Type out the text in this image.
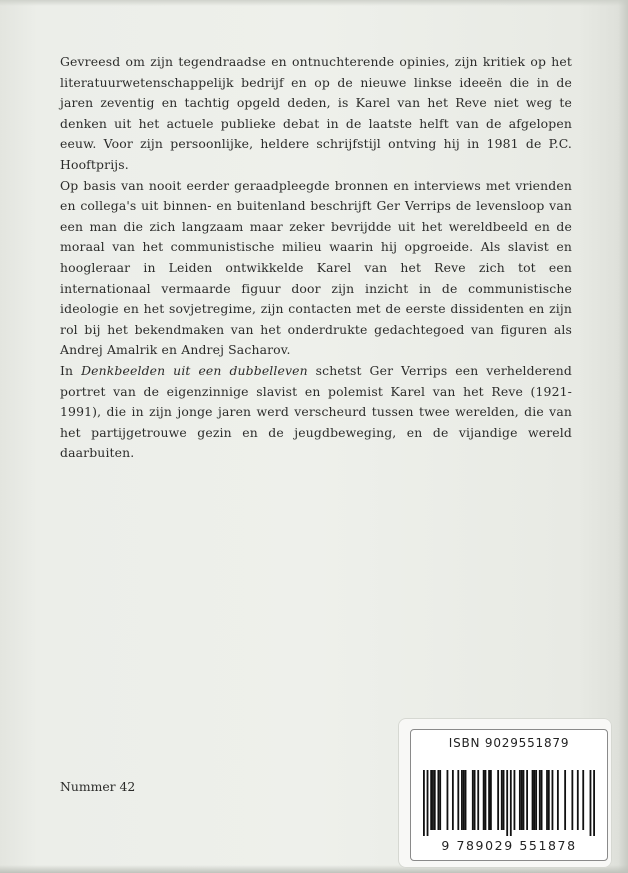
Gevreesd om zijn tegendraadse en ontnuchterende opinies, zijn kritiek op het literatuurwetenschappelijk bedrijf en op de nieuwe linkse ideeën die in de jaren zeventig en tachtig opgeld deden, is Karel van het Reve niet weg te denken uit het actuele publieke debat in de laatste helft van de afgelopen eeuw. Voor zijn persoonlijke, heldere schrijfstijl ontving hij in 1981 de P.C. Hooftprijs.

Op basis van nooit eerder geraadpleegde bronnen en interviews met vrienden en collega's uit binnen- en buitenland beschrijft Ger Verrips de levensloop van een man die zich langzaam maar zeker bevrijdde uit het wereldbeeld en de moraal van het communistische milieu waarin hij opgroeide. Als slavist en hoogleraar in Leiden ontwikkelde Karel van het Reve zich tot een internationaal vermaarde figuur door zijn inzicht in de communistische ideologie en het sovjetregime, zijn contacten met de eerste dissidenten en zijn rol bij het bekendmaken van het onderdrukte gedachtegoed van figuren als Andrej Amalrik en Andrej Sacharov.

In Denkbeelden uit een dubbelleven schetst Ger Verrips een verhelderend portret van de eigenzinnige slavist en polemist Karel van het Reve (1921-1991), die in zijn jonge jaren werd verscheurd tussen twee werelden, die van het partijgetrouwe gezin en de jeugdbeweging, en de vijandige wereld daarbuiten.

Nummer 42
ISBN 9029551879
9 789029 551878
